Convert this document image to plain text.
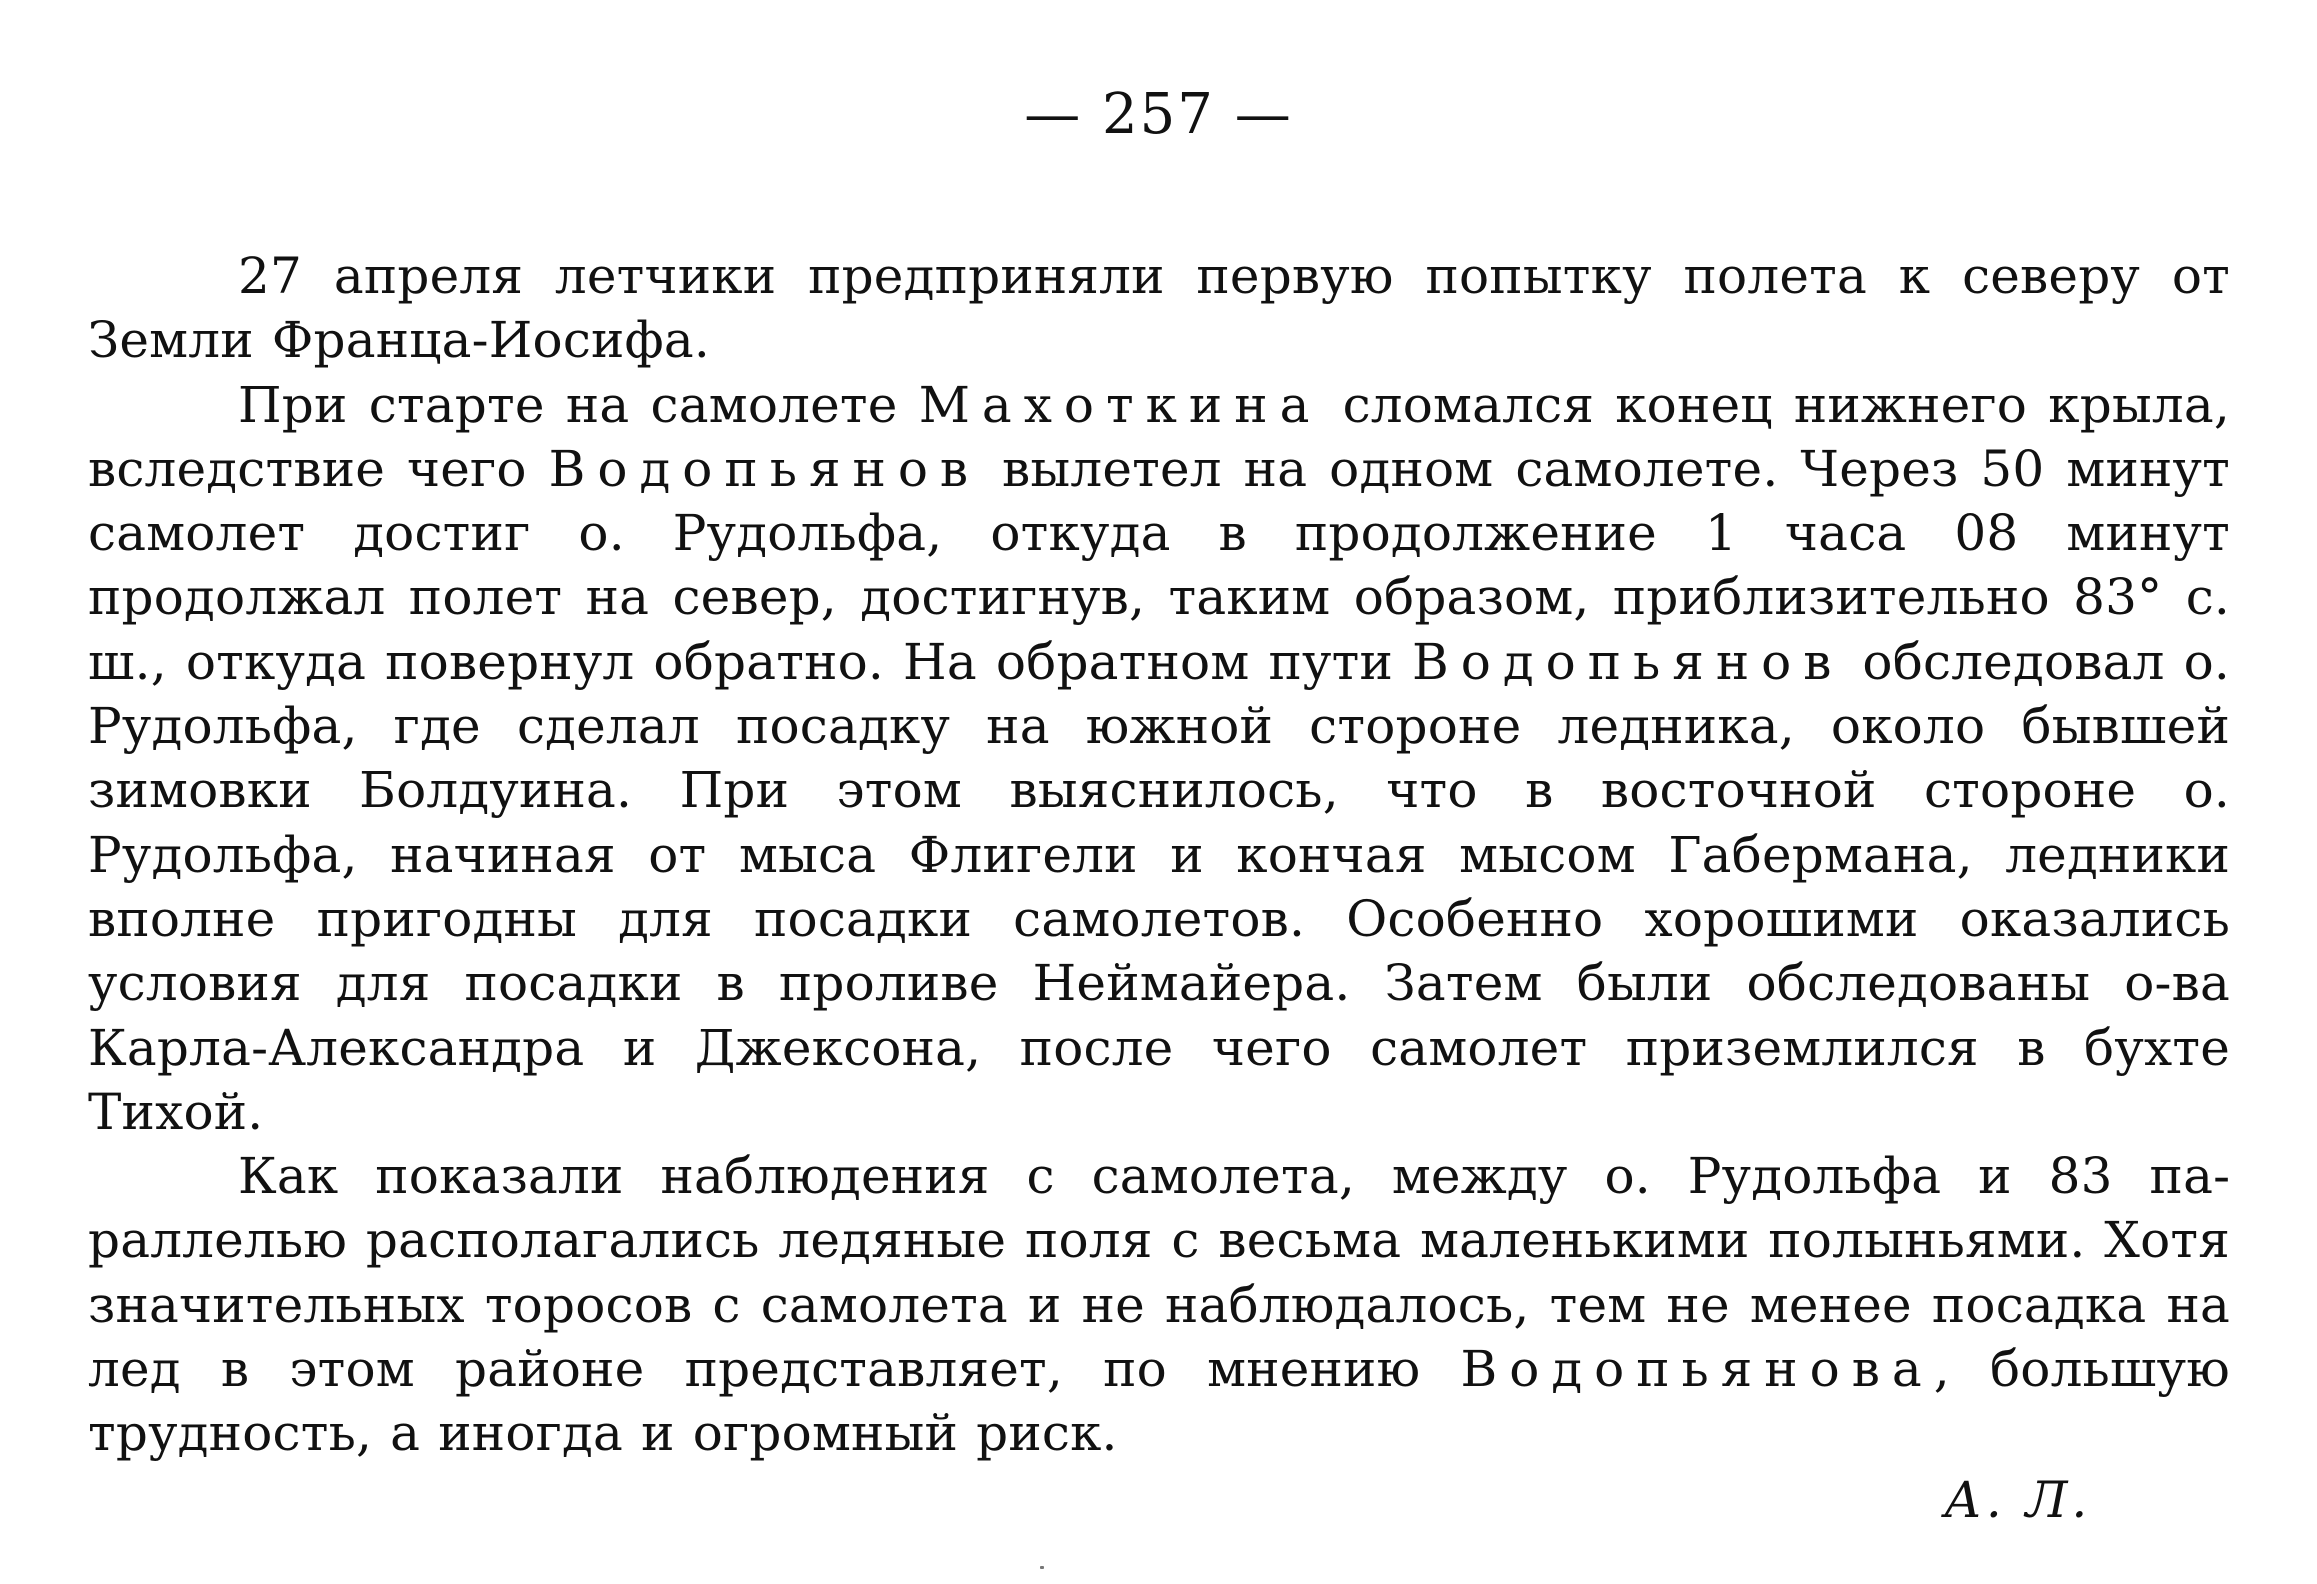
— 257 —

27 апреля летчики предприняли первую попытку полета к северу от Земли Франца-Иосифа.

При старте на самолете Махоткина сломался конец нижнего крыла, вследствие чего Водопьянов вылетел на одном самолете. Через 50 минут самолет достиг о. Рудольфа, откуда в продолжение 1 часа 08 минут продолжал полет на север, достигнув, таким образом, приблизительно 83° с. ш., откуда повернул обратно. На обратном пути Водопьянов обследовал о. Рудольфа, где сделал посадку на южной стороне ледника, около бывшей зимовки Болдуина. При этом выяснилось, что в восточной стороне о. Рудольфа, начиная от мыса Флигели и кончая мысом Габермана, ледники вполне пригодны для посадки самолетов. Особенно хорошими оказались условия для посадки в проливе Неймайера. Затем были обследованы о-ва Карла-Александра и Джексона, после чего самолет приземлился в бухте Тихой.

Как показали наблюдения с самолета, между о. Рудольфа и 83 параллелью располагались ледяные поля с весьма маленькими полыньями. Хотя значительных торосов с самолета и не наблюдалось, тем не менее посадка на лед в этом районе представляет, по мнению Водопьянова, большую трудность, а иногда и огромный риск.

А. Л.
